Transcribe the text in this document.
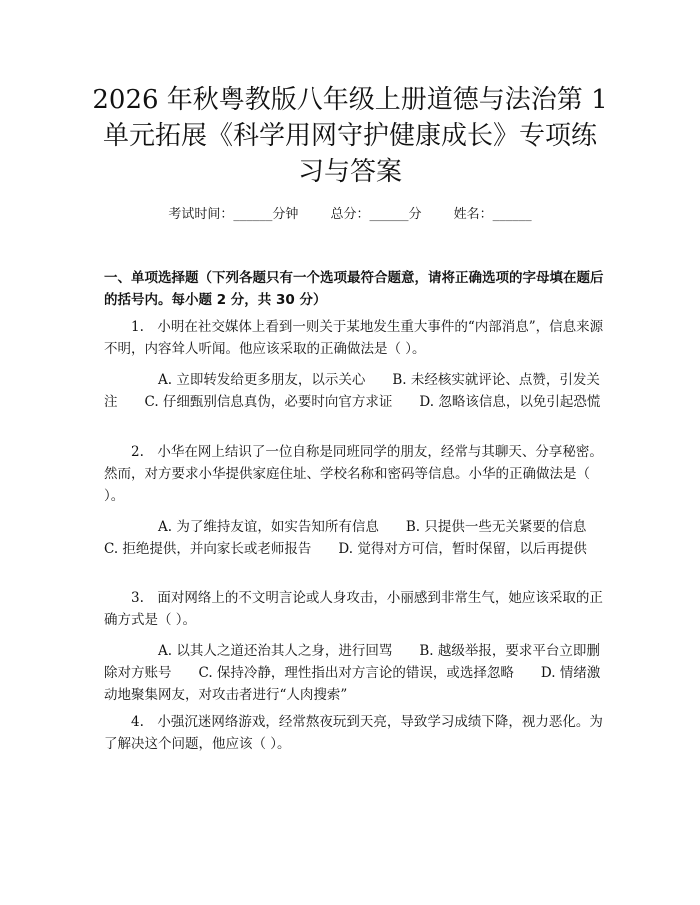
2026 年秋粤教版八年级上册道德与法治第 1
单元拓展《科学用网守护健康成长》专项练
习与答案
考试时间：______分钟 总分：______分 姓名：______
一、单项选择题（下列各题只有一个选项最符合题意，请将正确选项的字母填在题后的括号内。每小题 2 分，共 30 分）

1.　小明在社交媒体上看到一则关于某地发生重大事件的“内部消息”，信息来源不明，内容耸人听闻。他应该采取的正确做法是（ ）。

A. 立即转发给更多朋友，以示关心　　B. 未经核实就评论、点赞，引发关注　　C. 仔细甄别信息真伪，必要时向官方求证　　D. 忽略该信息，以免引起恐慌

2.　小华在网上结识了一位自称是同班同学的朋友，经常与其聊天、分享秘密。然而，对方要求小华提供家庭住址、学校名称和密码等信息。小华的正确做法是（ ）。

A. 为了维持友谊，如实告知所有信息　　B. 只提供一些无关紧要的信息　　C. 拒绝提供，并向家长或老师报告　　D. 觉得对方可信，暂时保留，以后再提供

3.　面对网络上的不文明言论或人身攻击，小丽感到非常生气，她应该采取的正确方式是（ ）。

A. 以其人之道还治其人之身，进行回骂　　B. 越级举报，要求平台立即删除对方账号　　C. 保持冷静，理性指出对方言论的错误，或选择忽略　　D. 情绪激动地聚集网友，对攻击者进行“人肉搜索”

4.　小强沉迷网络游戏，经常熬夜玩到天亮，导致学习成绩下降，视力恶化。为了解决这个问题，他应该（ ）。
